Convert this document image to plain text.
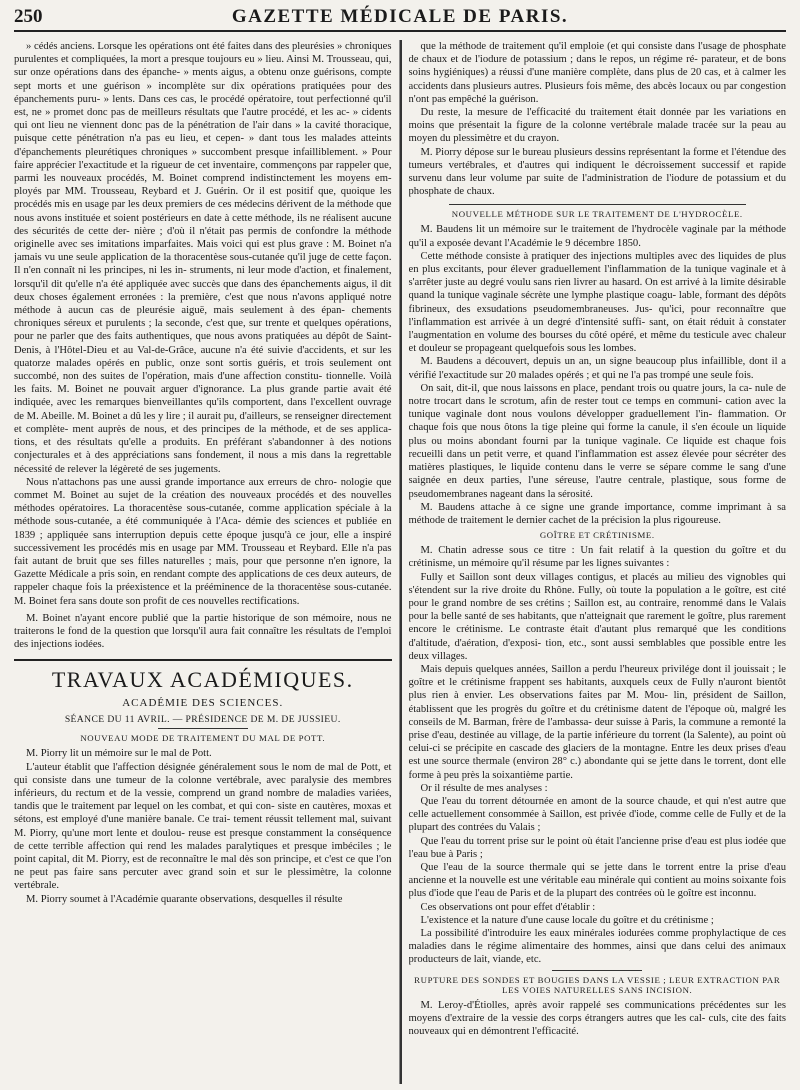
250	GAZETTE MÉDICALE DE PARIS.

» cédés anciens. Lorsque les opérations ont été faites dans des pleurésies » chroniques purulentes et compliquées, la mort a presque toujours eu » lieu. Ainsi M. Trousseau, qui, sur onze opérations dans des épanche- » ments aigus, a obtenu onze guérisons, compte sept morts et une guérison » incomplète sur dix opérations pratiquées pour des épanchements puru- » lents. Dans ces cas, le procédé opératoire, tout perfectionné qu'il est, ne » promet donc pas de meilleurs résultats que l'autre procédé, et les ac- » cidents qui ont lieu ne viennent donc pas de la pénétration de l'air dans » la cavité thoracique, puisque cette pénétration n'a pas eu lieu, et cepen- » dant tous les malades atteints d'épanchements pleurétiques chroniques » succombent presque infailliblement. » Pour faire apprécier l'exactitude et la rigueur de cet inventaire, commençons par rappeler que, parmi les nouveaux procédés, M. Boinet comprend indistinctement les moyens em- ployés par MM. Trousseau, Reybard et J. Guérin. Or il est positif que, quoique les procédés mis en usage par les deux premiers de ces médecins dérivent de la méthode que nous avons instituée et soient postérieurs en date à cette méthode, ils ne réalisent aucune des sécurités de cette der- nière ; d'où il n'était pas permis de confondre la méthode originelle avec ses imitations imparfaites. Mais voici qui est plus grave : M. Boinet n'a jamais vu une seule application de la thoracentèse sous-cutanée qu'il juge de cette façon. Il n'en connaît ni les principes, ni les in- struments, ni leur mode d'action, et finalement, lorsqu'il dit qu'elle n'a été appliquée avec succès que dans des épanchements aigus, il dit deux choses également erronées : la première, c'est que nous n'avons appliqué notre méthode à aucun cas de pleurésie aiguë, mais seulement à des épan- chements chroniques séreux et purulents ; la seconde, c'est que, sur trente et quelques opérations, pour ne parler que des faits authentiques, que nous avons pratiquées au dépôt de Saint-Denis, à l'Hôtel-Dieu et au Val-de-Grâce, aucune n'a été suivie d'accidents, et sur les quatorze malades opérés en public, onze sont sortis guéris, et trois seulement ont succombé, non des suites de l'opération, mais d'une affection constitu- tionnelle. Voilà les faits. M. Boinet ne pouvait arguer d'ignorance. La plus grande partie avait été indiquée, avec les remarques bienveillantes qu'ils comportent, dans l'excellent ouvrage de M. Abeille. M. Boinet a dû les y lire ; il aurait pu, d'ailleurs, se renseigner directement et complète- ment auprès de nous, et des principes de la méthode, et de ses applica- tions, et des résultats qu'elle a produits. En préférant s'abandonner à des notions conjecturales et à des appréciations sans fondement, il nous a mis dans la regrettable nécessité de relever la légèreté de ses jugements.

Nous n'attachons pas une aussi grande importance aux erreurs de chro- nologie que commet M. Boinet au sujet de la création des nouveaux procédés et des nouvelles méthodes opératoires. La thoracentèse sous-cutanée, comme application spéciale à la méthode sous-cutanée, a été communiquée à l'Aca- démie des sciences et publiée en 1839 ; appliquée sans interruption depuis cette époque jusqu'à ce jour, elle a inspiré successivement les procédés mis en usage par MM. Trousseau et Reybard. Elle n'a pas fait autant de bruit que ses filles naturelles ; mais, pour que personne n'en ignore, la Gazette Médicale a pris soin, en rendant compte des applications de ces deux auteurs, de rappeler chaque fois la préexistence et la prééminence de la thoracentèse sous-cutanée. M. Boinet fera sans doute son profit de ces nouvelles rectifications.

M. Boinet n'ayant encore publié que la partie historique de son mémoire, nous ne traiterons le fond de la question que lorsqu'il aura fait connaître les résultats de l'emploi des injections iodées.

TRAVAUX ACADÉMIQUES.
ACADÉMIE DES SCIENCES.
SÉANCE DU 11 AVRIL. — PRÉSIDENCE DE M. DE JUSSIEU.
NOUVEAU MODE DE TRAITEMENT DU MAL DE POTT.

M. Piorry lit un mémoire sur le mal de Pott.

L'auteur établit que l'affection désignée généralement sous le nom de mal de Pott, et qui consiste dans une tumeur de la colonne vertébrale, avec paralysie des membres inférieurs, du rectum et de la vessie, comprend un grand nombre de maladies variées, tandis que le traitement par lequel on les combat, et qui con- siste en cautères, moxas et sétons, est employé d'une manière banale. Ce trai- tement réussit tellement mal, suivant M. Piorry, qu'une mort lente et doulou- reuse est presque constamment la conséquence de cette terrible affection qui rend les malades paralytiques et presque imbéciles ; le point capital, dit M. Piorry, est de reconnaître le mal dès son principe, et c'est ce que l'on ne peut pas faire sans percuter avec grand soin et sur le plessimètre, la colonne vertébrale.

M. Piorry soumet à l'Académie quarante observations, desquelles il résulte

que la méthode de traitement qu'il emploie (et qui consiste dans l'usage de phosphate de chaux et de l'iodure de potassium ; dans le repos, un régime ré- parateur, et de bons soins hygiéniques) a réussi d'une manière complète, dans plus de 20 cas, et à calmer les accidents dans plusieurs autres. Plusieurs fois même, des abcès locaux ou par congestion n'ont pas empêché la guérison.

Du reste, la mesure de l'efficacité du traitement était donnée par les variations en moins que présentait la figure de la colonne vertébrale malade tracée sur la peau au moyen du plessimètre et du crayon.

M. Piorry dépose sur le bureau plusieurs dessins représentant la forme et l'étendue des tumeurs vertébrales, et d'autres qui indiquent le décroissement successif et rapide survenu dans leur volume par suite de l'administration de l'iodure de potassium et du phosphate de chaux.

NOUVELLE MÉTHODE SUR LE TRAITEMENT DE L'HYDROCÈLE.

M. Baudens lit un mémoire sur le traitement de l'hydrocèle vaginale par la méthode qu'il a exposée devant l'Académie le 9 décembre 1850.

Cette méthode consiste à pratiquer des injections multiples avec des liquides de plus en plus excitants, pour élever graduellement l'inflammation de la tunique vaginale et à s'arrêter juste au degré voulu sans rien livrer au hasard. On est arrivé à la limite désirable quand la tunique vaginale sécrète une lymphe plastique coagu- lable, formant des dépôts fibrineux, des exsudations pseudomembraneuses. Jus- qu'ici, pour reconnaître que l'inflammation est arrivée à un degré d'intensité suffi- sant, on était réduit à constater l'augmentation en volume des bourses du côté opéré, et même du testicule avec chaleur et douleur se propageant quelquefois sous les lombes.

M. Baudens a découvert, depuis un an, un signe beaucoup plus infaillible, dont il a vérifié l'exactitude sur 20 malades opérés ; et qui ne l'a pas trompé une seule fois.

On sait, dit-il, que nous laissons en place, pendant trois ou quatre jours, la ca- nule de notre trocart dans le scrotum, afin de rester tout ce temps en communi- cation avec la tunique vaginale dont nous voulons développer graduellement l'in- flammation. Or chaque fois que nous ôtons la tige pleine qui forme la canule, il s'en écoule un liquide plus ou moins abondant fourni par la tunique vaginale. Ce liquide est chaque fois recueilli dans un petit verre, et quand l'inflammation est assez élevée pour sécréter des matières plastiques, le liquide contenu dans le verre se sépare comme le sang d'une saignée en deux parties, l'une séreuse, l'autre centrale, plastique, sous forme de pseudomembranes nageant dans la sérosité.

M. Baudens attache à ce signe une grande importance, comme imprimant à sa méthode de traitement le dernier cachet de la précision la plus rigoureuse.

GOÎTRE ET CRÉTINISME.

M. Chatin adresse sous ce titre : Un fait relatif à la question du goître et du crétinisme, un mémoire qu'il résume par les lignes suivantes :

Fully et Saillon sont deux villages contigus, et placés au milieu des vignobles qui s'étendent sur la rive droite du Rhône. Fully, où toute la population a le goître, est cité pour le grand nombre de ses crétins ; Saillon est, au contraire, renommé dans le Valais pour la belle santé de ses habitants, que n'atteignait que rarement le goître, plus rarement encore le crétinisme. Le contraste était d'autant plus remarqué que les conditions d'altitude, d'aération, d'exposi- tion, etc., sont aussi semblables que possible entre les deux villages.

Mais depuis quelques années, Saillon a perdu l'heureux privilége dont il jouissait ; le goître et le crétinisme frappent ses habitants, auxquels ceux de Fully n'auront bientôt plus rien à envier. Les observations faites par M. Mou- lin, président de Saillon, établissent que les progrès du goître et du crétinisme datent de l'époque où, malgré les conseils de M. Barman, frère de l'ambassa- deur suisse à Paris, la commune a remonté la prise d'eau, destinée au village, de la partie inférieure du torrent (la Salente), au point où celui-ci se précipite en cascade des glaciers de la montagne. Entre les deux prises d'eau est une source thermale (environ 28° c.) abondante qui se jette dans le torrent, dont elle forme à peu près la soixantième partie.

Or il résulte de mes analyses :

Que l'eau du torrent détournée en amont de la source chaude, et qui n'est autre que celle actuellement consommée à Saillon, est privée d'iode, comme celle de Fully et de la plupart des contrées du Valais ;

Que l'eau du torrent prise sur le point où était l'ancienne prise d'eau est plus iodée que l'eau bue à Paris ;

Que l'eau de la source thermale qui se jette dans le torrent entre la prise d'eau ancienne et la nouvelle est une véritable eau minérale qui contient au moins soixante fois plus d'iode que l'eau de Paris et de la plupart des contrées où le goître est inconnu.

Ces observations ont pour effet d'établir :

L'existence et la nature d'une cause locale du goître et du crétinisme ;

La possibilité d'introduire les eaux minérales iodurées comme prophylactique de ces maladies dans le régime alimentaire des hommes, ainsi que dans celui des animaux producteurs de lait, viande, etc.

RUPTURE DES SONDES ET BOUGIES DANS LA VESSIE ; LEUR EXTRACTION PAR LES VOIES NATURELLES SANS INCISION.

M. Leroy-d'Étiolles, après avoir rappelé ses communications précédentes sur les moyens d'extraire de la vessie des corps étrangers autres que les cal- culs, cite des faits nouveaux qui en démontrent l'efficacité.
